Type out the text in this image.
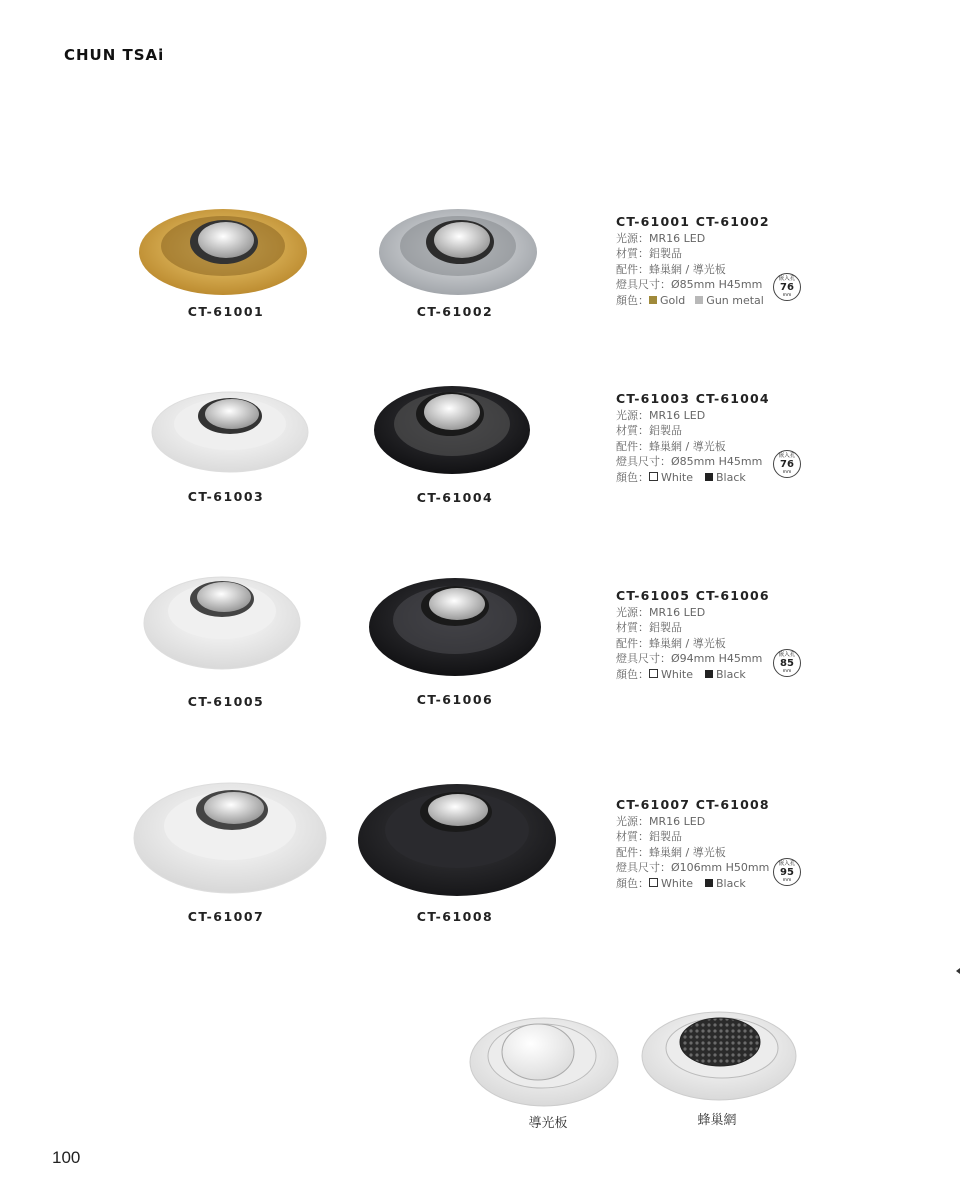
CHUN TSAi
CT-61001	CT-61002
CT-61001 CT-61002
光源：MR16 LED
材質：鋁製品
配件：蜂巢網 / 導光板
燈具尺寸：Ø85mm H45mm
顏色： Gold Gun metal
嵌入孔
76
mm
CT-61003	CT-61004
CT-61003 CT-61004
光源：MR16 LED
材質：鋁製品
配件：蜂巢網 / 導光板
燈具尺寸：Ø85mm H45mm
顏色： White Black
嵌入孔
76
mm
CT-61005	CT-61006
CT-61005 CT-61006
光源：MR16 LED
材質：鋁製品
配件：蜂巢網 / 導光板
燈具尺寸：Ø94mm H45mm
顏色： White Black
嵌入孔
85
mm
CT-61007	CT-61008
CT-61007 CT-61008
光源：MR16 LED
材質：鋁製品
配件：蜂巢網 / 導光板
燈具尺寸：Ø106mm H50mm
顏色： White Black
嵌入孔
95
mm
導光板	蜂巢網
100
